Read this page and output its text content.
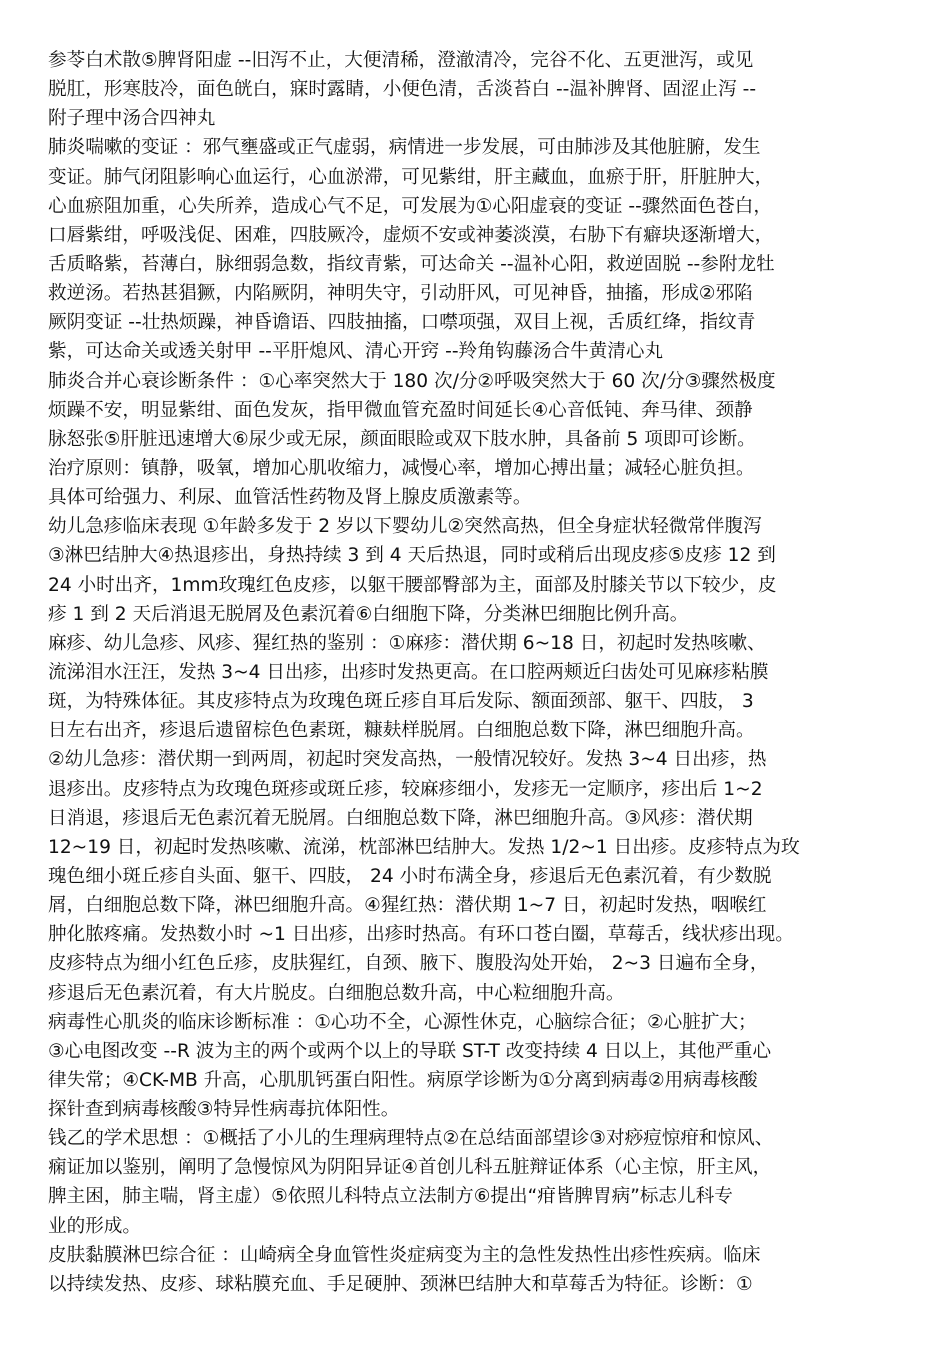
参苓白术散⑤脾肾阳虚 --旧泻不止，大便清稀，澄澈清冷，完谷不化、五更泄泻，或见
脱肛，形寒肢冷，面色㿠白，寐时露睛，小便色清，舌淡苔白 --温补脾肾、固涩止泻 --
附子理中汤合四神丸
肺炎喘嗽的变证 ：邪气壅盛或正气虚弱，病情进一步发展，可由肺涉及其他脏腑，发生
变证。肺气闭阻影响心血运行，心血淤滞，可见紫绀，肝主藏血，血瘀于肝，肝脏肿大，
心血瘀阻加重，心失所养，造成心气不足，可发展为①心阳虚衰的变证 --骤然面色苍白，
口唇紫绀，呼吸浅促、困难，四肢厥冷，虚烦不安或神萎淡漠，右胁下有癖块逐渐增大，
舌质略紫，苔薄白，脉细弱急数，指纹青紫，可达命关 --温补心阳，救逆固脱 --参附龙牡
救逆汤。若热甚猖獗，内陷厥阴，神明失守，引动肝风，可见神昏，抽搐，形成②邪陷
厥阴变证 --壮热烦躁，神昏谵语、四肢抽搐，口噤项强，双目上视，舌质红绛，指纹青
紫，可达命关或透关射甲 --平肝熄风、清心开窍 --羚角钩藤汤合牛黄清心丸
肺炎合并心衰诊断条件 ：①心率突然大于 180 次/分②呼吸突然大于 60 次/分③骤然极度
烦躁不安，明显紫绀、面色发灰，指甲微血管充盈时间延长④心音低钝、奔马律、颈静
脉怒张⑤肝脏迅速增大⑥尿少或无尿，颜面眼睑或双下肢水肿，具备前 5 项即可诊断。
治疗原则：镇静，吸氧，增加心肌收缩力，减慢心率，增加心搏出量；减轻心脏负担。
具体可给强力、利尿、血管活性药物及肾上腺皮质激素等。
幼儿急疹临床表现 ①年龄多发于 2 岁以下婴幼儿②突然高热，但全身症状轻微常伴腹泻
③淋巴结肿大④热退疹出，身热持续 3 到 4 天后热退，同时或稍后出现皮疹⑤皮疹 12 到
24 小时出齐，1mm玫瑰红色皮疹，以躯干腰部臀部为主，面部及肘膝关节以下较少，皮
疹 1 到 2 天后消退无脱屑及色素沉着⑥白细胞下降，分类淋巴细胞比例升高。
麻疹、幼儿急疹、风疹、猩红热的鉴别 ：①麻疹：潜伏期 6~18 日，初起时发热咳嗽、
流涕泪水汪汪，发热 3~4 日出疹，出疹时发热更高。在口腔两颊近臼齿处可见麻疹粘膜
斑，为特殊体征。其皮疹特点为玫瑰色斑丘疹自耳后发际、额面颈部、躯干、四肢， 3
日左右出齐，疹退后遗留棕色色素斑，糠麸样脱屑。白细胞总数下降，淋巴细胞升高。
②幼儿急疹：潜伏期一到两周，初起时突发高热，一般情况较好。发热 3~4 日出疹，热
退疹出。皮疹特点为玫瑰色斑疹或斑丘疹，较麻疹细小，发疹无一定顺序，疹出后 1~2
日消退，疹退后无色素沉着无脱屑。白细胞总数下降，淋巴细胞升高。③风疹：潜伏期
12~19 日，初起时发热咳嗽、流涕，枕部淋巴结肿大。发热 1/2~1 日出疹。皮疹特点为玫
瑰色细小斑丘疹自头面、躯干、四肢， 24 小时布满全身，疹退后无色素沉着，有少数脱
屑，白细胞总数下降，淋巴细胞升高。④猩红热：潜伏期 1~7 日，初起时发热，咽喉红
肿化脓疼痛。发热数小时 ~1 日出疹，出疹时热高。有环口苍白圈，草莓舌，线状疹出现。
皮疹特点为细小红色丘疹，皮肤猩红，自颈、腋下、腹股沟处开始， 2~3 日遍布全身，
疹退后无色素沉着，有大片脱皮。白细胞总数升高，中心粒细胞升高。
病毒性心肌炎的临床诊断标准 ：①心功不全，心源性休克，心脑综合征；②心脏扩大；
③心电图改变 --R 波为主的两个或两个以上的导联 ST-T 改变持续 4 日以上，其他严重心
律失常；④CK-MB 升高，心肌肌钙蛋白阳性。病原学诊断为①分离到病毒②用病毒核酸
探针查到病毒核酸③特异性病毒抗体阳性。
钱乙的学术思想 ：①概括了小儿的生理病理特点②在总结面部望诊③对痧痘惊疳和惊风、
痫证加以鉴别，阐明了急慢惊风为阴阳异证④首创儿科五脏辩证体系（心主惊，肝主风，
脾主困，肺主喘，肾主虚）⑤依照儿科特点立法制方⑥提出“疳皆脾胃病”标志儿科专
业的形成。
皮肤黏膜淋巴综合征 ：山崎病全身血管性炎症病变为主的急性发热性出疹性疾病。临床
以持续发热、皮疹、球粘膜充血、手足硬肿、颈淋巴结肿大和草莓舌为特征。诊断：①
